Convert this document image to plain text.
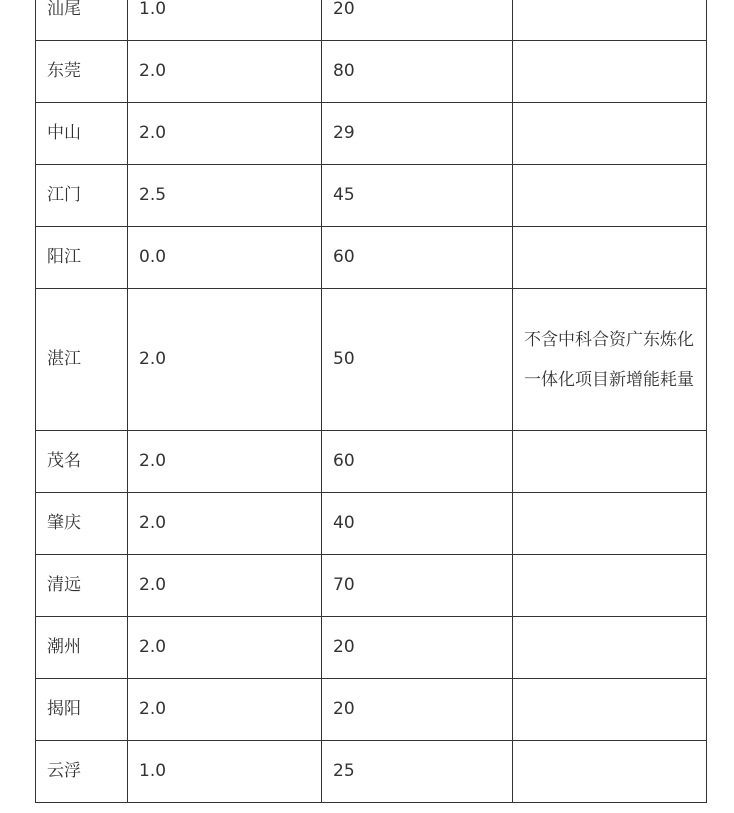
汕尾	1.0	20	
东莞	2.0	80	
中山	2.0	29	
江门	2.5	45	
阳江	0.0	60	
湛江	2.0	50	不含中科合资广东炼化一体化项目新增能耗量
茂名	2.0	60	
肇庆	2.0	40	
清远	2.0	70	
潮州	2.0	20	
揭阳	2.0	20	
云浮	1.0	25	
